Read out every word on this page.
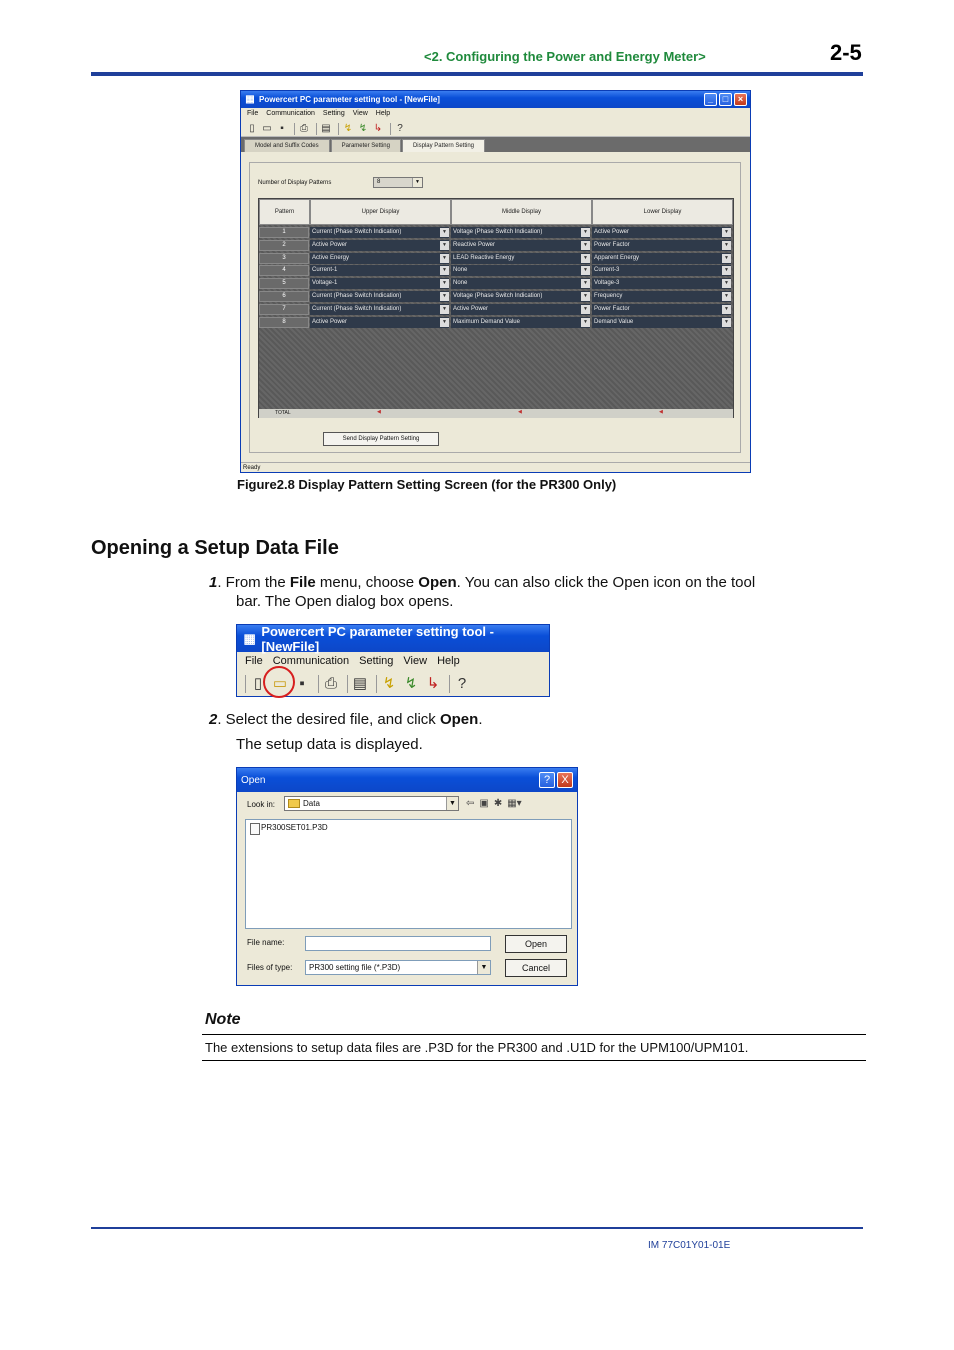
<2. Configuring the Power and Energy Meter>	2-5
▦ Powercert PC parameter setting tool - [NewFile]	_	□	×
File Communication Setting View Help
▯ ▭ ▪	⎙ ▤ ↯ ↯ ↳	?
Model and Suffix Codes	Parameter Setting	Display Pattern Setting
Number of Display Patterns	8	▼
Pattern	Upper Display	Middle Display	Lower Display
1	Current (Phase Switch Indication)	▼	Voltage (Phase Switch Indication)	▼	Active Power	▼
2	Active Power	▼	Reactive Power	▼	Power Factor	▼
3	Active Energy	▼	LEAD Reactive Energy	▼	Apparent Energy	▼
4	Current-1	▼	None	▼	Current-3	▼
5	Voltage-1	▼	None	▼	Voltage-3	▼
6	Current (Phase Switch Indication)	▼	Voltage (Phase Switch Indication)	▼	Frequency	▼
7	Current (Phase Switch Indication)	▼	Active Power	▼	Power Factor	▼
8	Active Power	▼	Maximum Demand Value	▼	Demand Value	▼
TOTAL	◀	◀	◀
Send Display Pattern Setting
Ready
Figure2.8 Display Pattern Setting Screen (for the PR300 Only)
Opening a Setup Data File
1. From the File menu, choose Open. You can also click the Open icon on the tool
bar. The Open dialog box opens.
▦ Powercert PC parameter setting tool - [NewFile]
File Communication Setting View Help
▯ ▭ ▪	⎙ ▤ ↯ ↯ ↳	?
2. Select the desired file, and click Open.
The setup data is displayed.
Open	?	X
Look in:	Data	▼ ⇦ ▣ ✱ ▦▾
PR300SET01.P3D
File name:
Files of type:	PR300 setting file (*.P3D)	▼
Open
Cancel
Note
The extensions to setup data files are .P3D for the PR300 and .U1D for the UPM100/UPM101.
IM 77C01Y01-01E
